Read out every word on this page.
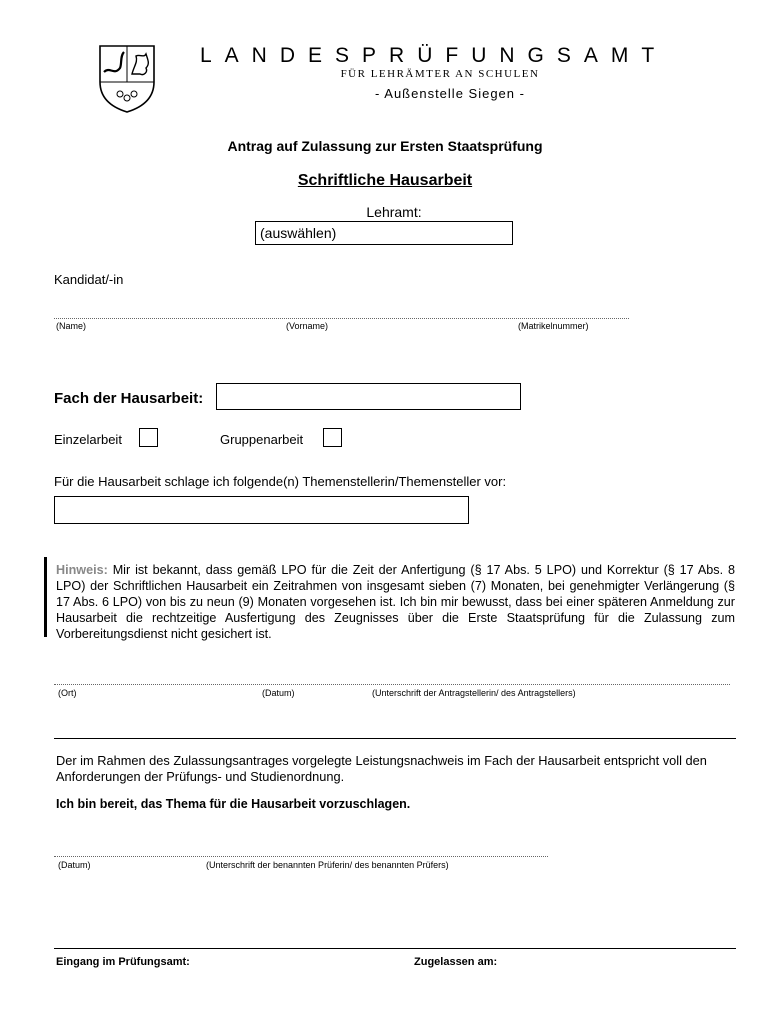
LANDESPRÜFUNGSAMT
FÜR LEHRÄMTER AN SCHULEN
- Außenstelle Siegen -
Antrag auf Zulassung zur Ersten Staatsprüfung
Schriftliche Hausarbeit
Lehramt:
(auswählen)
Kandidat/-in
(Name)	(Vorname)	(Matrikelnummer)
Fach der Hausarbeit:
Einzelarbeit	Gruppenarbeit
Für die Hausarbeit schlage ich folgende(n) Themenstellerin/Themensteller vor:
Hinweis: Mir ist bekannt, dass gemäß LPO für die Zeit der Anfertigung (§ 17 Abs. 5 LPO) und Korrektur (§ 17 Abs. 8 LPO) der Schriftlichen Hausarbeit ein Zeitrahmen von insgesamt sieben (7) Monaten, bei genehmigter Verlängerung (§ 17 Abs. 6 LPO) von bis zu neun (9) Monaten vorgesehen ist. Ich bin mir bewusst, dass bei einer späteren Anmeldung zur Hausarbeit die rechtzeitige Ausfertigung des Zeugnisses über die Erste Staatsprüfung für die Zulassung zum Vorbereitungsdienst nicht gesichert ist.
(Ort)	(Datum)	(Unterschrift der Antragstellerin/ des Antragstellers)
Der im Rahmen des Zulassungsantrages vorgelegte Leistungsnachweis im Fach der Hausarbeit entspricht voll den Anforderungen der Prüfungs- und Studienordnung.
Ich bin bereit, das Thema für die Hausarbeit vorzuschlagen.
(Datum)	(Unterschrift der benannten Prüferin/ des benannten Prüfers)
Eingang im Prüfungsamt:	Zugelassen am:
